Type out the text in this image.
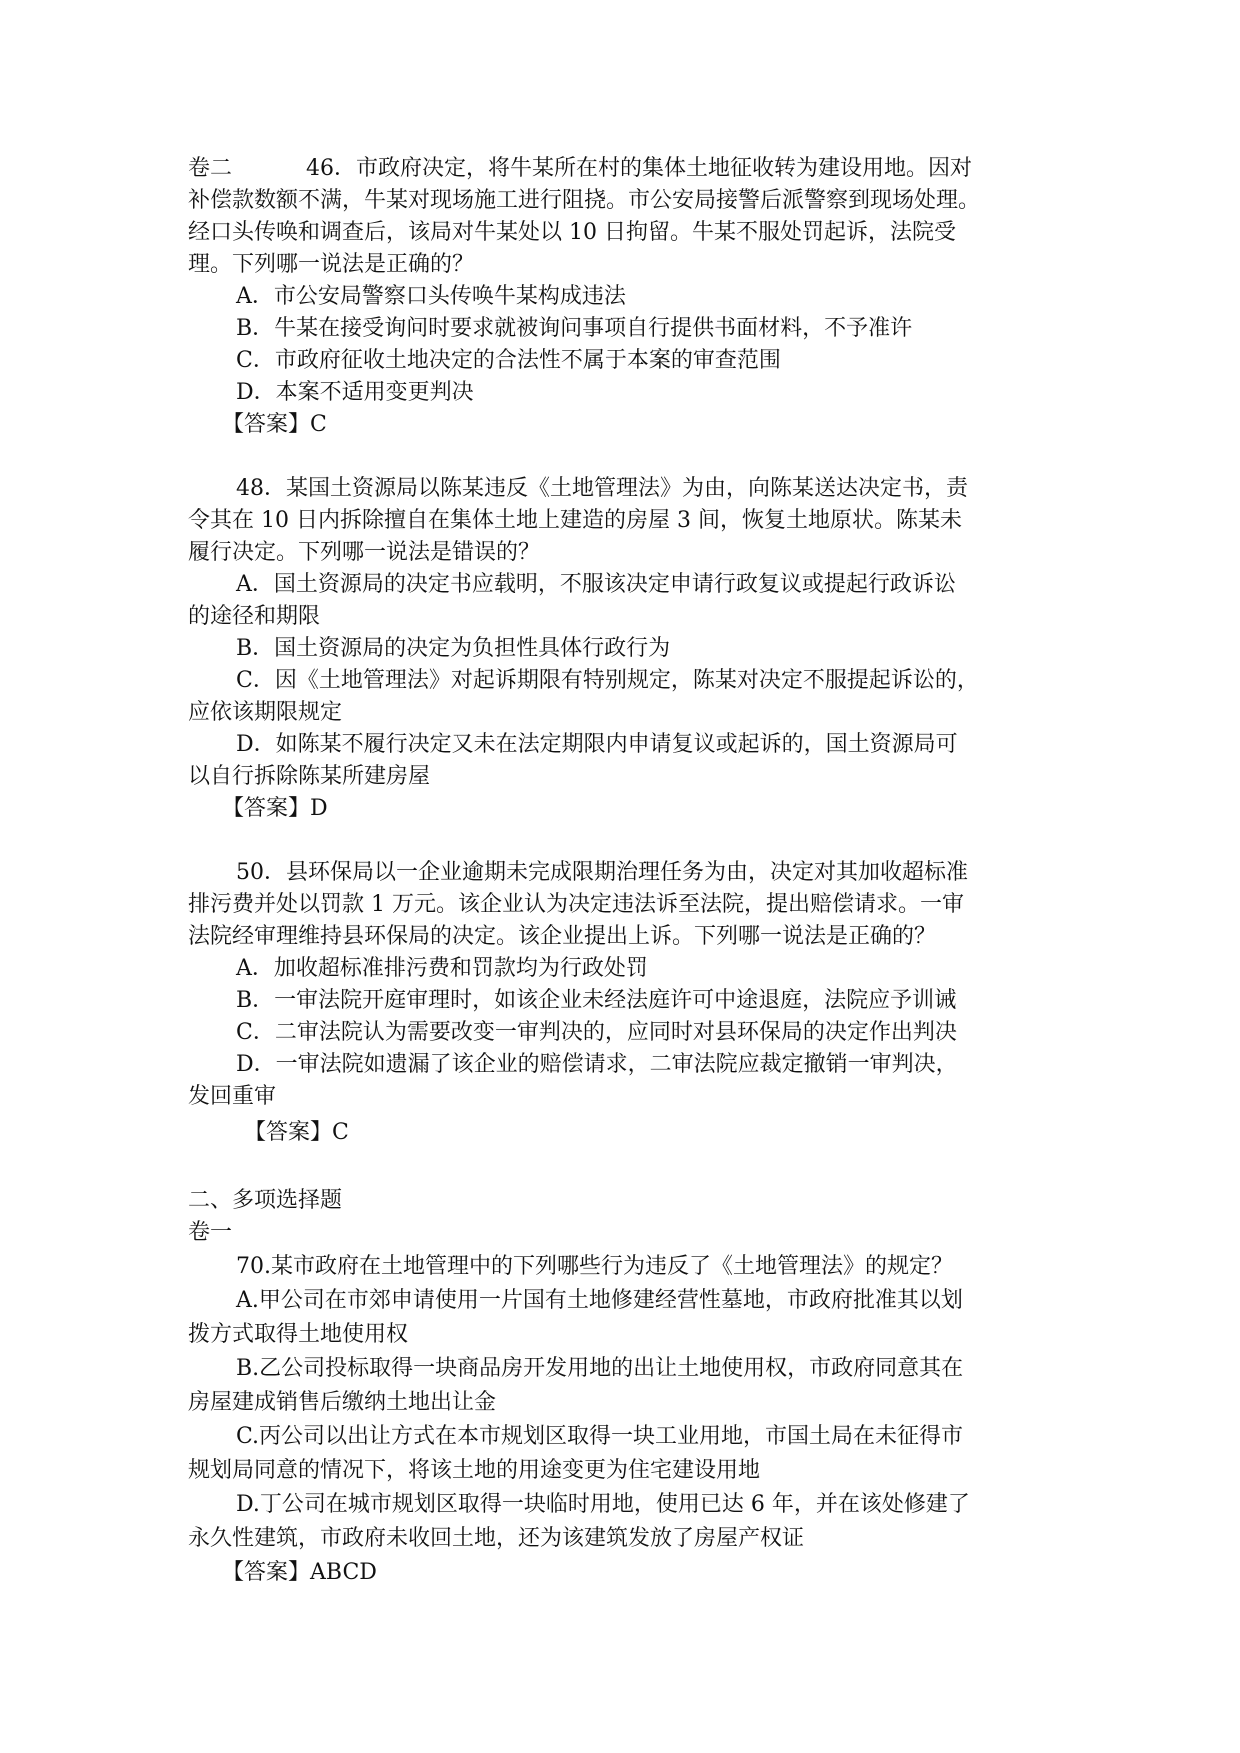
卷二	46．市政府决定，将牛某所在村的集体土地征收转为建设用地。因对
补偿款数额不满，牛某对现场施工进行阻挠。市公安局接警后派警察到现场处理。
经口头传唤和调查后，该局对牛某处以 10 日拘留。牛某不服处罚起诉，法院受
理。下列哪一说法是正确的？
A．市公安局警察口头传唤牛某构成违法
B．牛某在接受询问时要求就被询问事项自行提供书面材料，不予准许
C．市政府征收土地决定的合法性不属于本案的审查范围
D．本案不适用变更判决
【答案】C
48．某国土资源局以陈某违反《土地管理法》为由，向陈某送达决定书，责
令其在 10 日内拆除擅自在集体土地上建造的房屋 3 间，恢复土地原状。陈某未
履行决定。下列哪一说法是错误的？
A．国土资源局的决定书应载明，不服该决定申请行政复议或提起行政诉讼
的途径和期限
B．国土资源局的决定为负担性具体行政行为
C．因《土地管理法》对起诉期限有特别规定，陈某对决定不服提起诉讼的，
应依该期限规定
D．如陈某不履行决定又未在法定期限内申请复议或起诉的，国土资源局可
以自行拆除陈某所建房屋
【答案】D
50．县环保局以一企业逾期未完成限期治理任务为由，决定对其加收超标准
排污费并处以罚款 1 万元。该企业认为决定违法诉至法院，提出赔偿请求。一审
法院经审理维持县环保局的决定。该企业提出上诉。下列哪一说法是正确的？
A．加收超标准排污费和罚款均为行政处罚
B．一审法院开庭审理时，如该企业未经法庭许可中途退庭，法院应予训诫
C．二审法院认为需要改变一审判决的，应同时对县环保局的决定作出判决
D．一审法院如遗漏了该企业的赔偿请求，二审法院应裁定撤销一审判决，
发回重审
【答案】C
二、多项选择题
卷一
70.某市政府在土地管理中的下列哪些行为违反了《土地管理法》的规定？
A.甲公司在市郊申请使用一片国有土地修建经营性墓地，市政府批准其以划
拨方式取得土地使用权
B.乙公司投标取得一块商品房开发用地的出让土地使用权，市政府同意其在
房屋建成销售后缴纳土地出让金
C.丙公司以出让方式在本市规划区取得一块工业用地，市国土局在未征得市
规划局同意的情况下，将该土地的用途变更为住宅建设用地
D.丁公司在城市规划区取得一块临时用地，使用已达 6 年，并在该处修建了
永久性建筑，市政府未收回土地，还为该建筑发放了房屋产权证
【答案】ABCD
